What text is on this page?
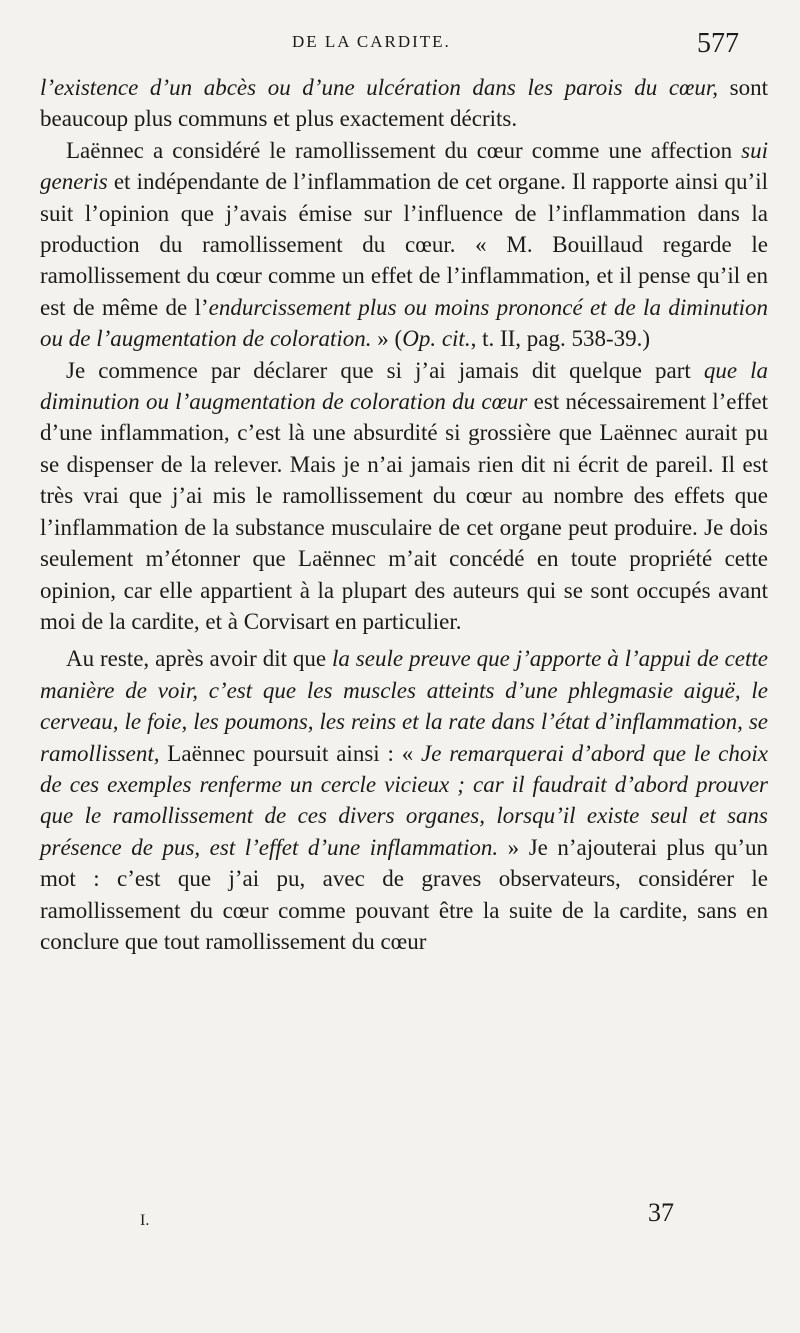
DE LA CARDITE.	577

l’existence d’un abcès ou d’une ulcération dans les parois du cœur, sont beaucoup plus communs et plus exactement décrits.

Laënnec a considéré le ramollissement du cœur comme une affection sui generis et indépendante de l’inflammation de cet organe. Il rapporte ainsi qu’il suit l’opinion que j’avais émise sur l’influence de l’inflammation dans la production du ramollissement du cœur. « M. Bouillaud regarde le ramollissement du cœur comme un effet de l’inflammation, et il pense qu’il en est de même de l’endurcissement plus ou moins prononcé et de la diminution ou de l’augmentation de coloration. » (Op. cit., t. II, pag. 538-39.)

Je commence par déclarer que si j’ai jamais dit quelque part que la diminution ou l’augmentation de coloration du cœur est nécessairement l’effet d’une inflammation, c’est là une absurdité si grossière que Laënnec aurait pu se dispenser de la relever. Mais je n’ai jamais rien dit ni écrit de pareil. Il est très vrai que j’ai mis le ramollissement du cœur au nombre des effets que l’inflammation de la substance musculaire de cet organe peut produire. Je dois seulement m’étonner que Laënnec m’ait concédé en toute propriété cette opinion, car elle appartient à la plupart des auteurs qui se sont occupés avant moi de la cardite, et à Corvisart en particulier.

Au reste, après avoir dit que la seule preuve que j’apporte à l’appui de cette manière de voir, c’est que les muscles atteints d’une phlegmasie aiguë, le cerveau, le foie, les poumons, les reins et la rate dans l’état d’inflammation, se ramollissent, Laënnec poursuit ainsi : « Je remarquerai d’abord que le choix de ces exemples renferme un cercle vicieux ; car il faudrait d’abord prouver que le ramollissement de ces divers organes, lorsqu’il existe seul et sans présence de pus, est l’effet d’une inflammation. » Je n’ajouterai plus qu’un mot : c’est que j’ai pu, avec de graves observateurs, considérer le ramollissement du cœur comme pouvant être la suite de la cardite, sans en conclure que tout ramollissement du cœur

I.	37
